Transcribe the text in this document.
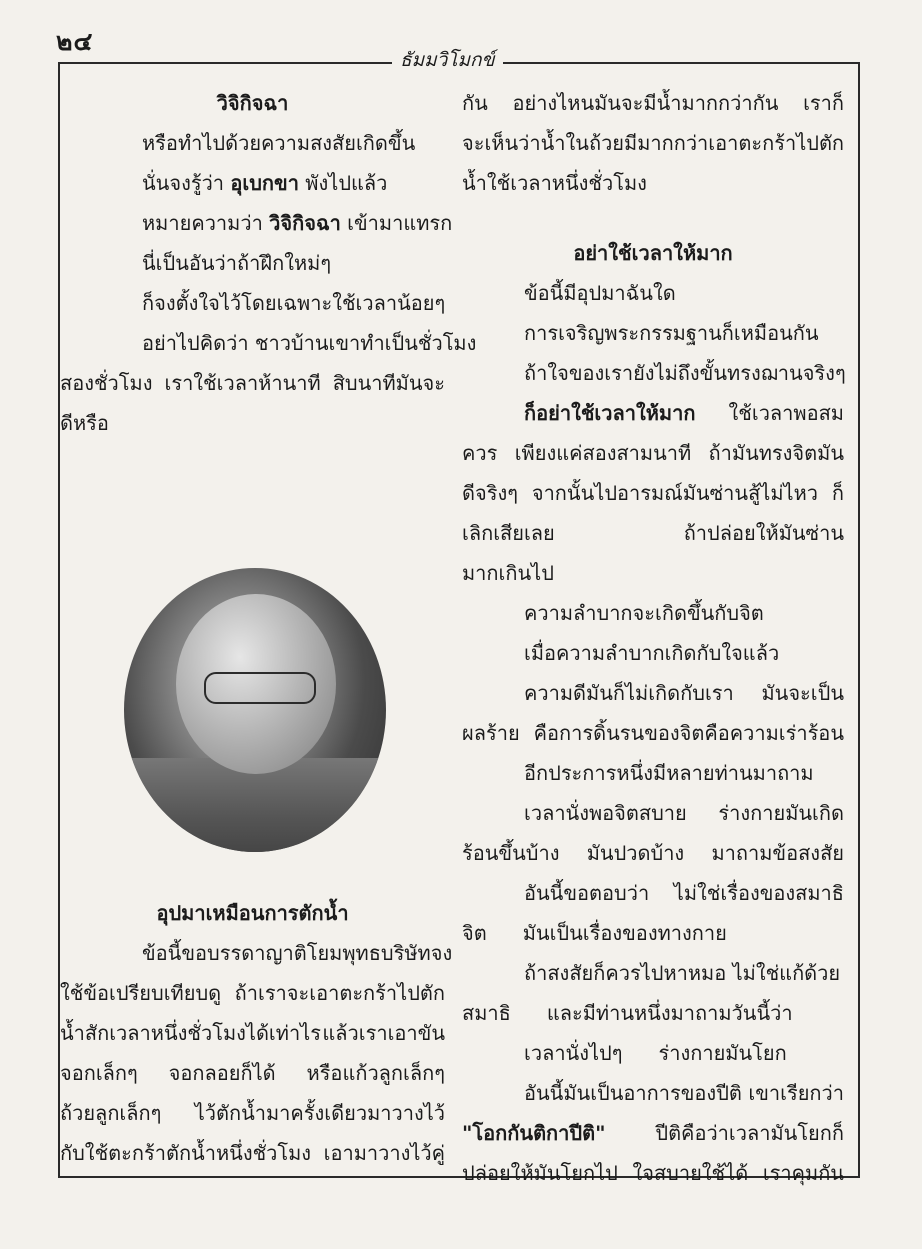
๒๔
ธัมมวิโมกข์
วิจิกิจฉา
หรือทำไปด้วยความสงสัยเกิดขึ้น
นั่นจงรู้ว่า อุเบกขา พังไปแล้ว
หมายความว่า วิจิกิจฉา เข้ามาแทรก
นี่เป็นอันว่าถ้าฝึกใหม่ๆ
ก็จงตั้งใจไว้โดยเฉพาะ ใช้เวลาน้อยๆ
อย่าไปคิดว่า ชาวบ้านเขาทำเป็นชั่วโมง
สองชั่วโมง เราใช้เวลาห้านาที สิบนาทีมันจะ
ดีหรือ
อุปมาเหมือนการตักน้ำ
ข้อนี้ขอบรรดาญาติโยมพุทธบริษัทจง
ใช้ข้อเปรียบเทียบดู ถ้าเราจะเอาตะกร้าไปตัก
น้ำสักเวลาหนึ่งชั่วโมงได้เท่าไร แล้วเราเอาขัน
จอกเล็กๆ จอกลอยก็ได้ หรือแก้วลูกเล็กๆ
ถ้วยลูกเล็กๆ ไว้ตักน้ำมาครั้งเดียวมาวางไว้
กับใช้ตะกร้าตักน้ำหนึ่งชั่วโมง เอามาวางไว้คู่
กัน อย่างไหนมันจะมีน้ำมากกว่ากัน เราก็
จะเห็นว่าน้ำในถ้วยมีมากกว่า เอาตะกร้าไปตัก
น้ำใช้เวลาหนึ่งชั่วโมง
อย่าใช้เวลาให้มาก
ข้อนี้มีอุปมาฉันใด
การเจริญพระกรรมฐานก็เหมือนกัน
ถ้าใจของเรายังไม่ถึงขั้นทรงฌานจริงๆ
ก็อย่าใช้เวลาให้มาก ใช้เวลาพอสม
ควร เพียงแค่สองสามนาที ถ้ามันทรงจิตมัน
ดีจริงๆ จากนั้นไปอารมณ์มันซ่านสู้ไม่ไหว ก็
เลิกเสียเลย	ถ้าปล่อยให้มันซ่าน
มากเกินไป
ความลำบากจะเกิดขึ้นกับจิต
เมื่อความลำบากเกิดกับใจแล้ว
ความดีมันก็ไม่เกิดกับเรา มันจะเป็น
ผลร้าย คือการดิ้นรนของจิตคือความเร่าร้อน
อีกประการหนึ่งมีหลายท่านมาถาม
เวลานั่งพอจิตสบาย ร่างกายมันเกิด
ร้อนขึ้นบ้าง มันปวดบ้าง มาถามข้อสงสัย
อันนี้ขอตอบว่า ไม่ใช่เรื่องของสมาธิ
จิต มันเป็นเรื่องของทางกาย
ถ้าสงสัยก็ควรไปหาหมอ ไม่ใช่แก้ด้วย
สมาธิ และมีท่านหนึ่งมาถามวันนี้ว่า
เวลานั่งไปๆ ร่างกายมันโยก
อันนี้มันเป็นอาการของปีติ เขาเรียกว่า
"โอกกันติกาปีติ" ปีติคือว่าเวลามันโยกก็
ปล่อยให้มันโยกไป ใจสบายใช้ได้ เราคุมกัน
